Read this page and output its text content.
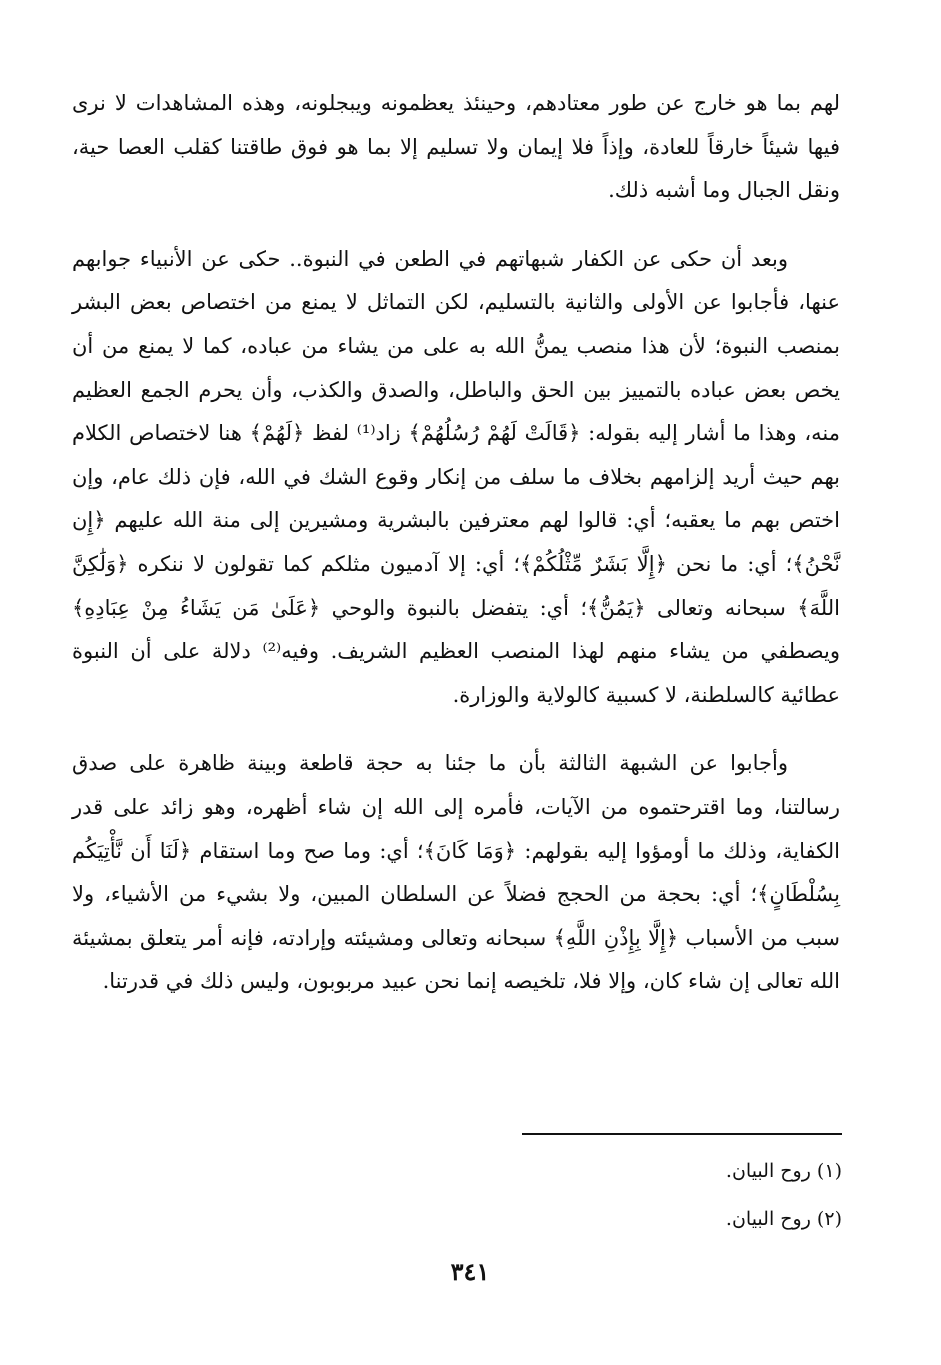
لهم بما هو خارج عن طور معتادهم، وحينئذ يعظمونه ويبجلونه، وهذه المشاهدات لا نرى فيها شيئاً خارقاً للعادة، وإذاً فلا إيمان ولا تسليم إلا بما هو فوق طاقتنا كقلب العصا حية، ونقل الجبال وما أشبه ذلك.

وبعد أن حكى عن الكفار شبهاتهم في الطعن في النبوة.. حكى عن الأنبياء جوابهم عنها، فأجابوا عن الأولى والثانية بالتسليم، لكن التماثل لا يمنع من اختصاص بعض البشر بمنصب النبوة؛ لأن هذا منصب يمنُّ الله به على من يشاء من عباده، كما لا يمنع من أن يخص بعض عباده بالتمييز بين الحق والباطل، والصدق والكذب، وأن يحرم الجمع العظيم منه، وهذا ما أشار إليه بقوله: ﴿قَالَتْ لَهُمْ رُسُلُهُمْ﴾ زاد⁽¹⁾ لفظ ﴿لَهُمْ﴾ هنا لاختصاص الكلام بهم حيث أريد إلزامهم بخلاف ما سلف من إنكار وقوع الشك في الله، فإن ذلك عام، وإن اختص بهم ما يعقبه؛ أي: قالوا لهم معترفين بالبشرية ومشيرين إلى منة الله عليهم ﴿إِن نَّحْنُ﴾؛ أي: ما نحن ﴿إِلَّا بَشَرٌ مِّثْلُكُمْ﴾؛ أي: إلا آدميون مثلكم كما تقولون لا ننكره ﴿وَلَٰكِنَّ اللَّهَ﴾ سبحانه وتعالى ﴿يَمُنُّ﴾؛ أي: يتفضل بالنبوة والوحي ﴿عَلَىٰ مَن يَشَاءُ مِنْ عِبَادِهِ﴾ ويصطفي من يشاء منهم لهذا المنصب العظيم الشريف. وفيه⁽²⁾ دلالة على أن النبوة عطائية كالسلطنة، لا كسبية كالولاية والوزارة.

وأجابوا عن الشبهة الثالثة بأن ما جئنا به حجة قاطعة وبينة ظاهرة على صدق رسالتنا، وما اقترحتموه من الآيات، فأمره إلى الله إن شاء أظهره، وهو زائد على قدر الكفاية، وذلك ما أومؤوا إليه بقولهم: ﴿وَمَا كَانَ﴾؛ أي: وما صح وما استقام ﴿لَنَا أَن نَّأْتِيَكُم بِسُلْطَانٍ﴾؛ أي: بحجة من الحجج فضلاً عن السلطان المبين، ولا بشيء من الأشياء، ولا سبب من الأسباب ﴿إِلَّا بِإِذْنِ اللَّهِ﴾ سبحانه وتعالى ومشيئته وإرادته، فإنه أمر يتعلق بمشيئة الله تعالى إن شاء كان، وإلا فلا، تلخيصه إنما نحن عبيد مربوبون، وليس ذلك في قدرتنا.

(١) روح البيان.

(٢) روح البيان.

٣٤١
